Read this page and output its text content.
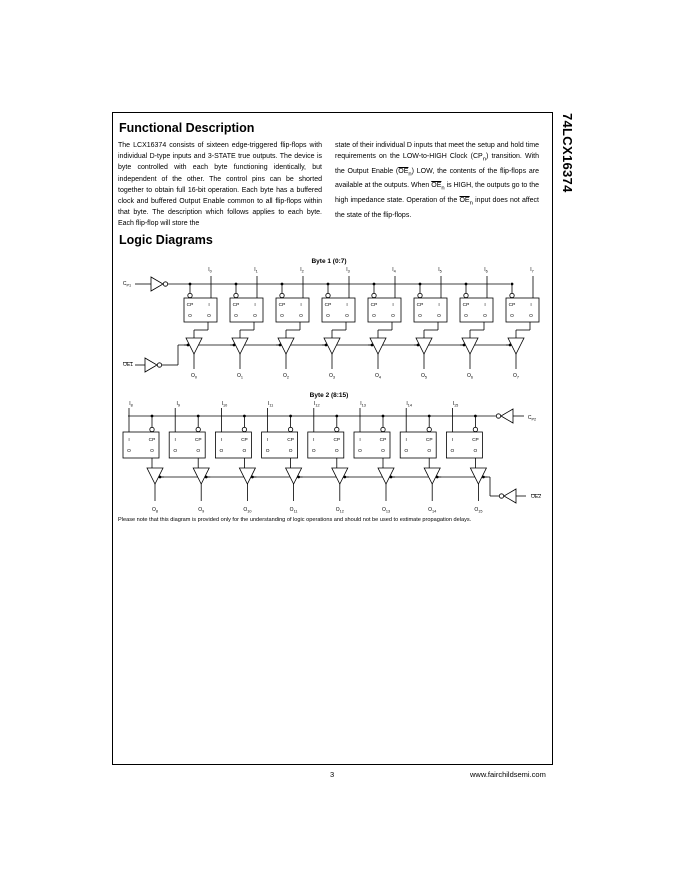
74LCX16374
Functional Description

The LCX16374 consists of sixteen edge-triggered flip-flops with individual D-type inputs and 3-STATE true outputs. The device is byte controlled with each byte functioning identically, but independent of the other. The control pins can be shorted together to obtain full 16-bit operation. Each byte has a buffered clock and buffered Output Enable common to all flip-flops within that byte. The description which follows applies to each byte. Each flip-flop will store the

state of their individual D inputs that meet the setup and hold time requirements on the LOW-to-HIGH Clock $(CP_n)$ transition. With the Output Enable $(\overline{OE}_n)$ LOW, the contents of the flip-flops are available at the outputs. When $\overline{OE}_n$ is HIGH, the outputs go to the high impedance state. Operation of the $\overline{OE}_n$ input does not affect the state of the flip-flops.

Logic Diagrams
Byte 1 (0:7)
Byte 2 (8:15)
CP	I
O	O
CP	I
O	O
CP	I
O	O
CP	I
O	O
CP	I
O	O
CP	I
O	O
CP	I
O	O
CP	I
O	O
I	CP
O	O
I	CP
O	O
I	CP
O	O
I	CP
O	O
I	CP
O	O
I	CP
O	O
I	CP
O	O
I	CP
O	O
$C_{P1}$
OE1
$I_0$
$O_0$
$I_1$
$O_1$
$I_2$
$O_2$
$I_3$
$O_3$
$I_4$
$O_4$
$I_5$
$O_5$
$I_6$
$O_6$
$I_7$
$O_7$
$C_{P2}$
OE2
$I_8$
$O_8$
$I_9$
$O_9$
$I_{10}$
$O_{10}$
$I_{11}$
$O_{11}$
$I_{12}$
$O_{12}$
$I_{13}$
$O_{13}$
$I_{14}$
$O_{14}$
$I_{15}$
$O_{15}$
Please note that this diagram is provided only for the understanding of logic operations and should not be used to estimate propagation delays.
3	www.fairchildsemi.com
